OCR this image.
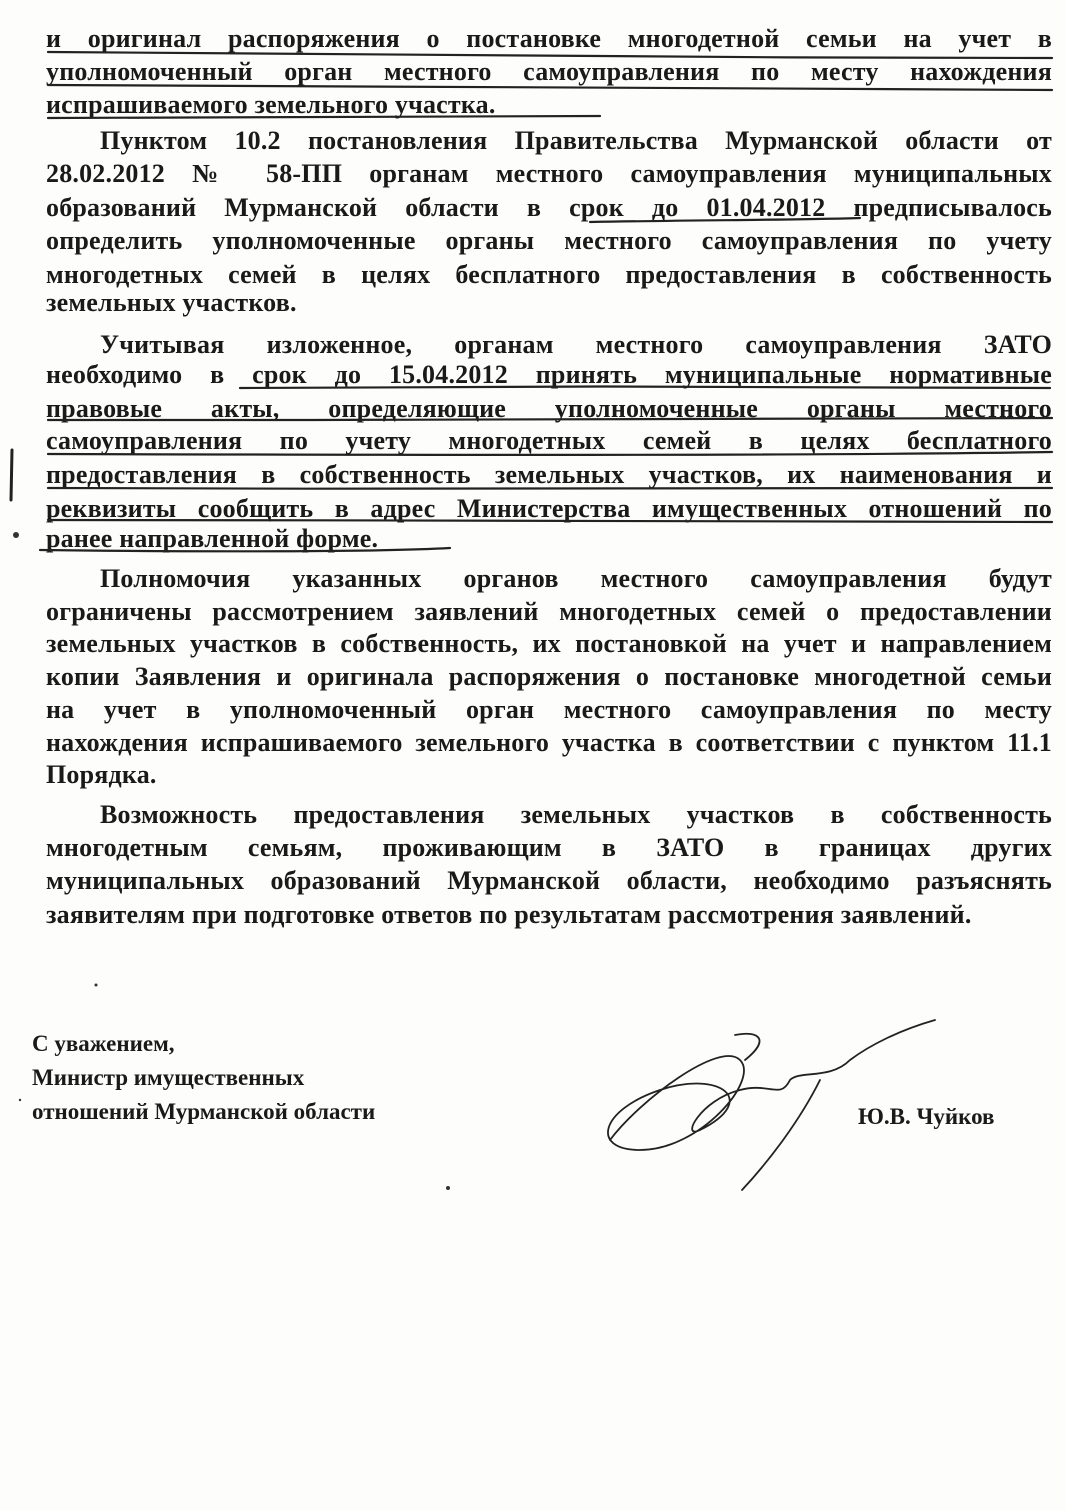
и оригинал распоряжения о постановке многодетной семьи на учет в
уполномоченный орган местного самоуправления по месту нахождения
испрашиваемого земельного участка.
Пунктом 10.2 постановления Правительства Мурманской области от
28.02.2012 № 58-ПП органам местного самоуправления муниципальных
образований Мурманской области в срок до 01.04.2012 предписывалось
определить уполномоченные органы местного самоуправления по учету
многодетных семей в целях бесплатного предоставления в собственность
земельных участков.
Учитывая изложенное, органам местного самоуправления ЗАТО
необходимо в срок до 15.04.2012 принять муниципальные нормативные
правовые акты, определяющие уполномоченные органы местного
самоуправления по учету многодетных семей в целях бесплатного
предоставления в собственность земельных участков, их наименования и
реквизиты сообщить в адрес Министерства имущественных отношений по
ранее направленной форме.
Полномочия указанных органов местного самоуправления будут
ограничены рассмотрением заявлений многодетных семей о предоставлении
земельных участков в собственность, их постановкой на учет и направлением
копии Заявления и оригинала распоряжения о постановке многодетной семьи
на учет в уполномоченный орган местного самоуправления по месту
нахождения испрашиваемого земельного участка в соответствии с пунктом 11.1
Порядка.
Возможность предоставления земельных участков в собственность
многодетным семьям, проживающим в ЗАТО в границах других
муниципальных образований Мурманской области, необходимо разъяснять
заявителям при подготовке ответов по результатам рассмотрения заявлений.
С уважением,
Министр имущественных
отношений Мурманской области	Ю.В. Чуйков
